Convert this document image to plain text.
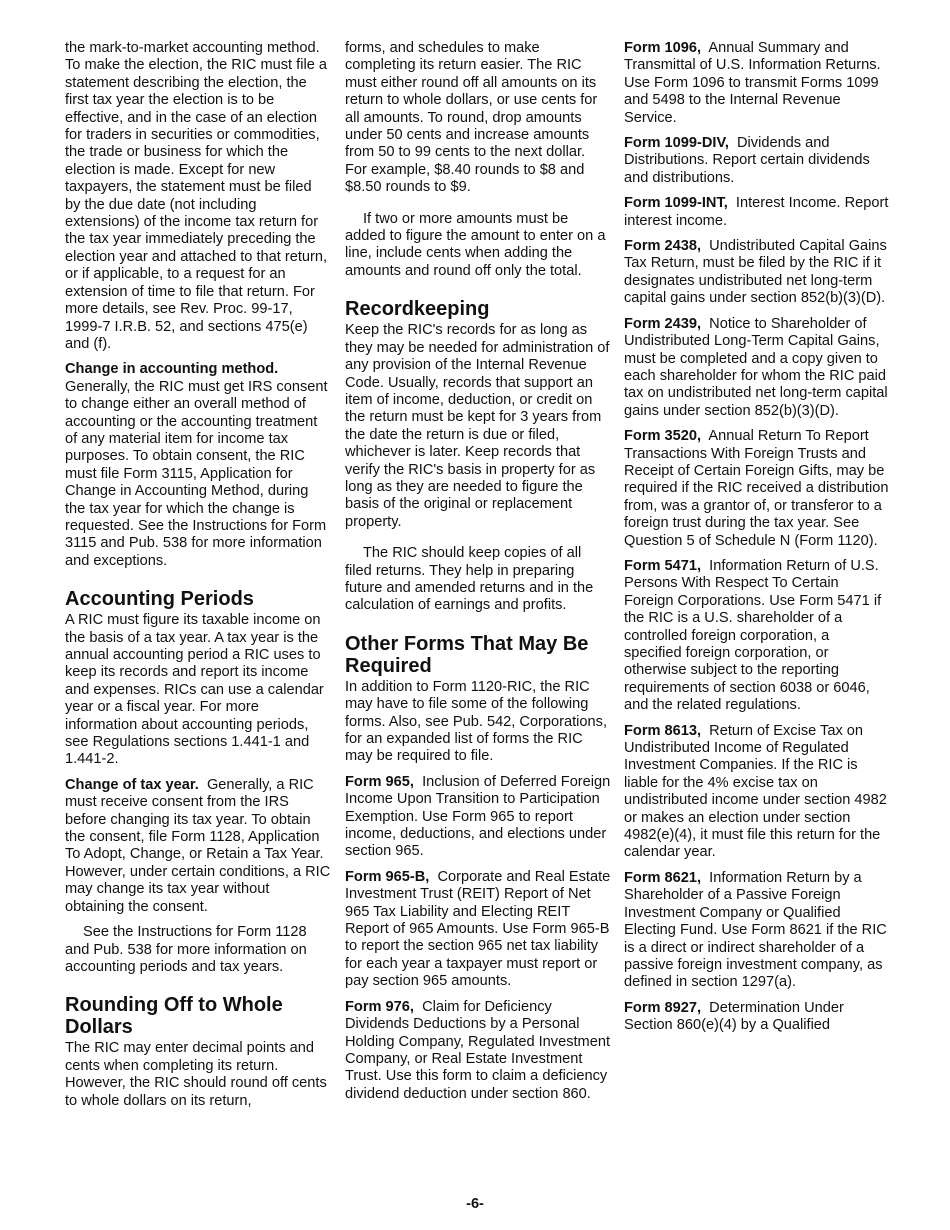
the mark-to-market accounting method. To make the election, the RIC must file a statement describing the election, the first tax year the election is to be effective, and in the case of an election for traders in securities or commodities, the trade or business for which the election is made. Except for new taxpayers, the statement must be filed by the due date (not including extensions) of the income tax return for the tax year immediately preceding the election year and attached to that return, or if applicable, to a request for an extension of time to file that return. For more details, see Rev. Proc. 99-17, 1999-7 I.R.B. 52, and sections 475(e) and (f).

Change in accounting method. Generally, the RIC must get IRS consent to change either an overall method of accounting or the accounting treatment of any material item for income tax purposes. To obtain consent, the RIC must file Form 3115, Application for Change in Accounting Method, during the tax year for which the change is requested. See the Instructions for Form 3115 and Pub. 538 for more information and exceptions.

Accounting Periods

A RIC must figure its taxable income on the basis of a tax year. A tax year is the annual accounting period a RIC uses to keep its records and report its income and expenses. RICs can use a calendar year or a fiscal year. For more information about accounting periods, see Regulations sections 1.441-1 and 1.441-2.

Change of tax year. Generally, a RIC must receive consent from the IRS before changing its tax year. To obtain the consent, file Form 1128, Application To Adopt, Change, or Retain a Tax Year. However, under certain conditions, a RIC may change its tax year without obtaining the consent.

See the Instructions for Form 1128 and Pub. 538 for more information on accounting periods and tax years.

Rounding Off to Whole Dollars

The RIC may enter decimal points and cents when completing its return. However, the RIC should round off cents to whole dollars on its return,

forms, and schedules to make completing its return easier. The RIC must either round off all amounts on its return to whole dollars, or use cents for all amounts. To round, drop amounts under 50 cents and increase amounts from 50 to 99 cents to the next dollar. For example, $8.40 rounds to $8 and $8.50 rounds to $9.

If two or more amounts must be added to figure the amount to enter on a line, include cents when adding the amounts and round off only the total.

Recordkeeping

Keep the RIC's records for as long as they may be needed for administration of any provision of the Internal Revenue Code. Usually, records that support an item of income, deduction, or credit on the return must be kept for 3 years from the date the return is due or filed, whichever is later. Keep records that verify the RIC's basis in property for as long as they are needed to figure the basis of the original or replacement property.

The RIC should keep copies of all filed returns. They help in preparing future and amended returns and in the calculation of earnings and profits.

Other Forms That May Be Required

In addition to Form 1120-RIC, the RIC may have to file some of the following forms. Also, see Pub. 542, Corporations, for an expanded list of forms the RIC may be required to file.

Form 965, Inclusion of Deferred Foreign Income Upon Transition to Participation Exemption. Use Form 965 to report income, deductions, and elections under section 965.

Form 965-B, Corporate and Real Estate Investment Trust (REIT) Report of Net 965 Tax Liability and Electing REIT Report of 965 Amounts. Use Form 965-B to report the section 965 net tax liability for each year a taxpayer must report or pay section 965 amounts.

Form 976, Claim for Deficiency Dividends Deductions by a Personal Holding Company, Regulated Investment Company, or Real Estate Investment Trust. Use this form to claim a deficiency dividend deduction under section 860.

Form 1096, Annual Summary and Transmittal of U.S. Information Returns. Use Form 1096 to transmit Forms 1099 and 5498 to the Internal Revenue Service.

Form 1099-DIV, Dividends and Distributions. Report certain dividends and distributions.

Form 1099-INT, Interest Income. Report interest income.

Form 2438, Undistributed Capital Gains Tax Return, must be filed by the RIC if it designates undistributed net long-term capital gains under section 852(b)(3)(D).

Form 2439, Notice to Shareholder of Undistributed Long-Term Capital Gains, must be completed and a copy given to each shareholder for whom the RIC paid tax on undistributed net long-term capital gains under section 852(b)(3)(D).

Form 3520, Annual Return To Report Transactions With Foreign Trusts and Receipt of Certain Foreign Gifts, may be required if the RIC received a distribution from, was a grantor of, or transferor to a foreign trust during the tax year. See Question 5 of Schedule N (Form 1120).

Form 5471, Information Return of U.S. Persons With Respect To Certain Foreign Corporations. Use Form 5471 if the RIC is a U.S. shareholder of a controlled foreign corporation, a specified foreign corporation, or otherwise subject to the reporting requirements of section 6038 or 6046, and the related regulations.

Form 8613, Return of Excise Tax on Undistributed Income of Regulated Investment Companies. If the RIC is liable for the 4% excise tax on undistributed income under section 4982 or makes an election under section 4982(e)(4), it must file this return for the calendar year.

Form 8621, Information Return by a Shareholder of a Passive Foreign Investment Company or Qualified Electing Fund. Use Form 8621 if the RIC is a direct or indirect shareholder of a passive foreign investment company, as defined in section 1297(a).

Form 8927, Determination Under Section 860(e)(4) by a Qualified

-6-
